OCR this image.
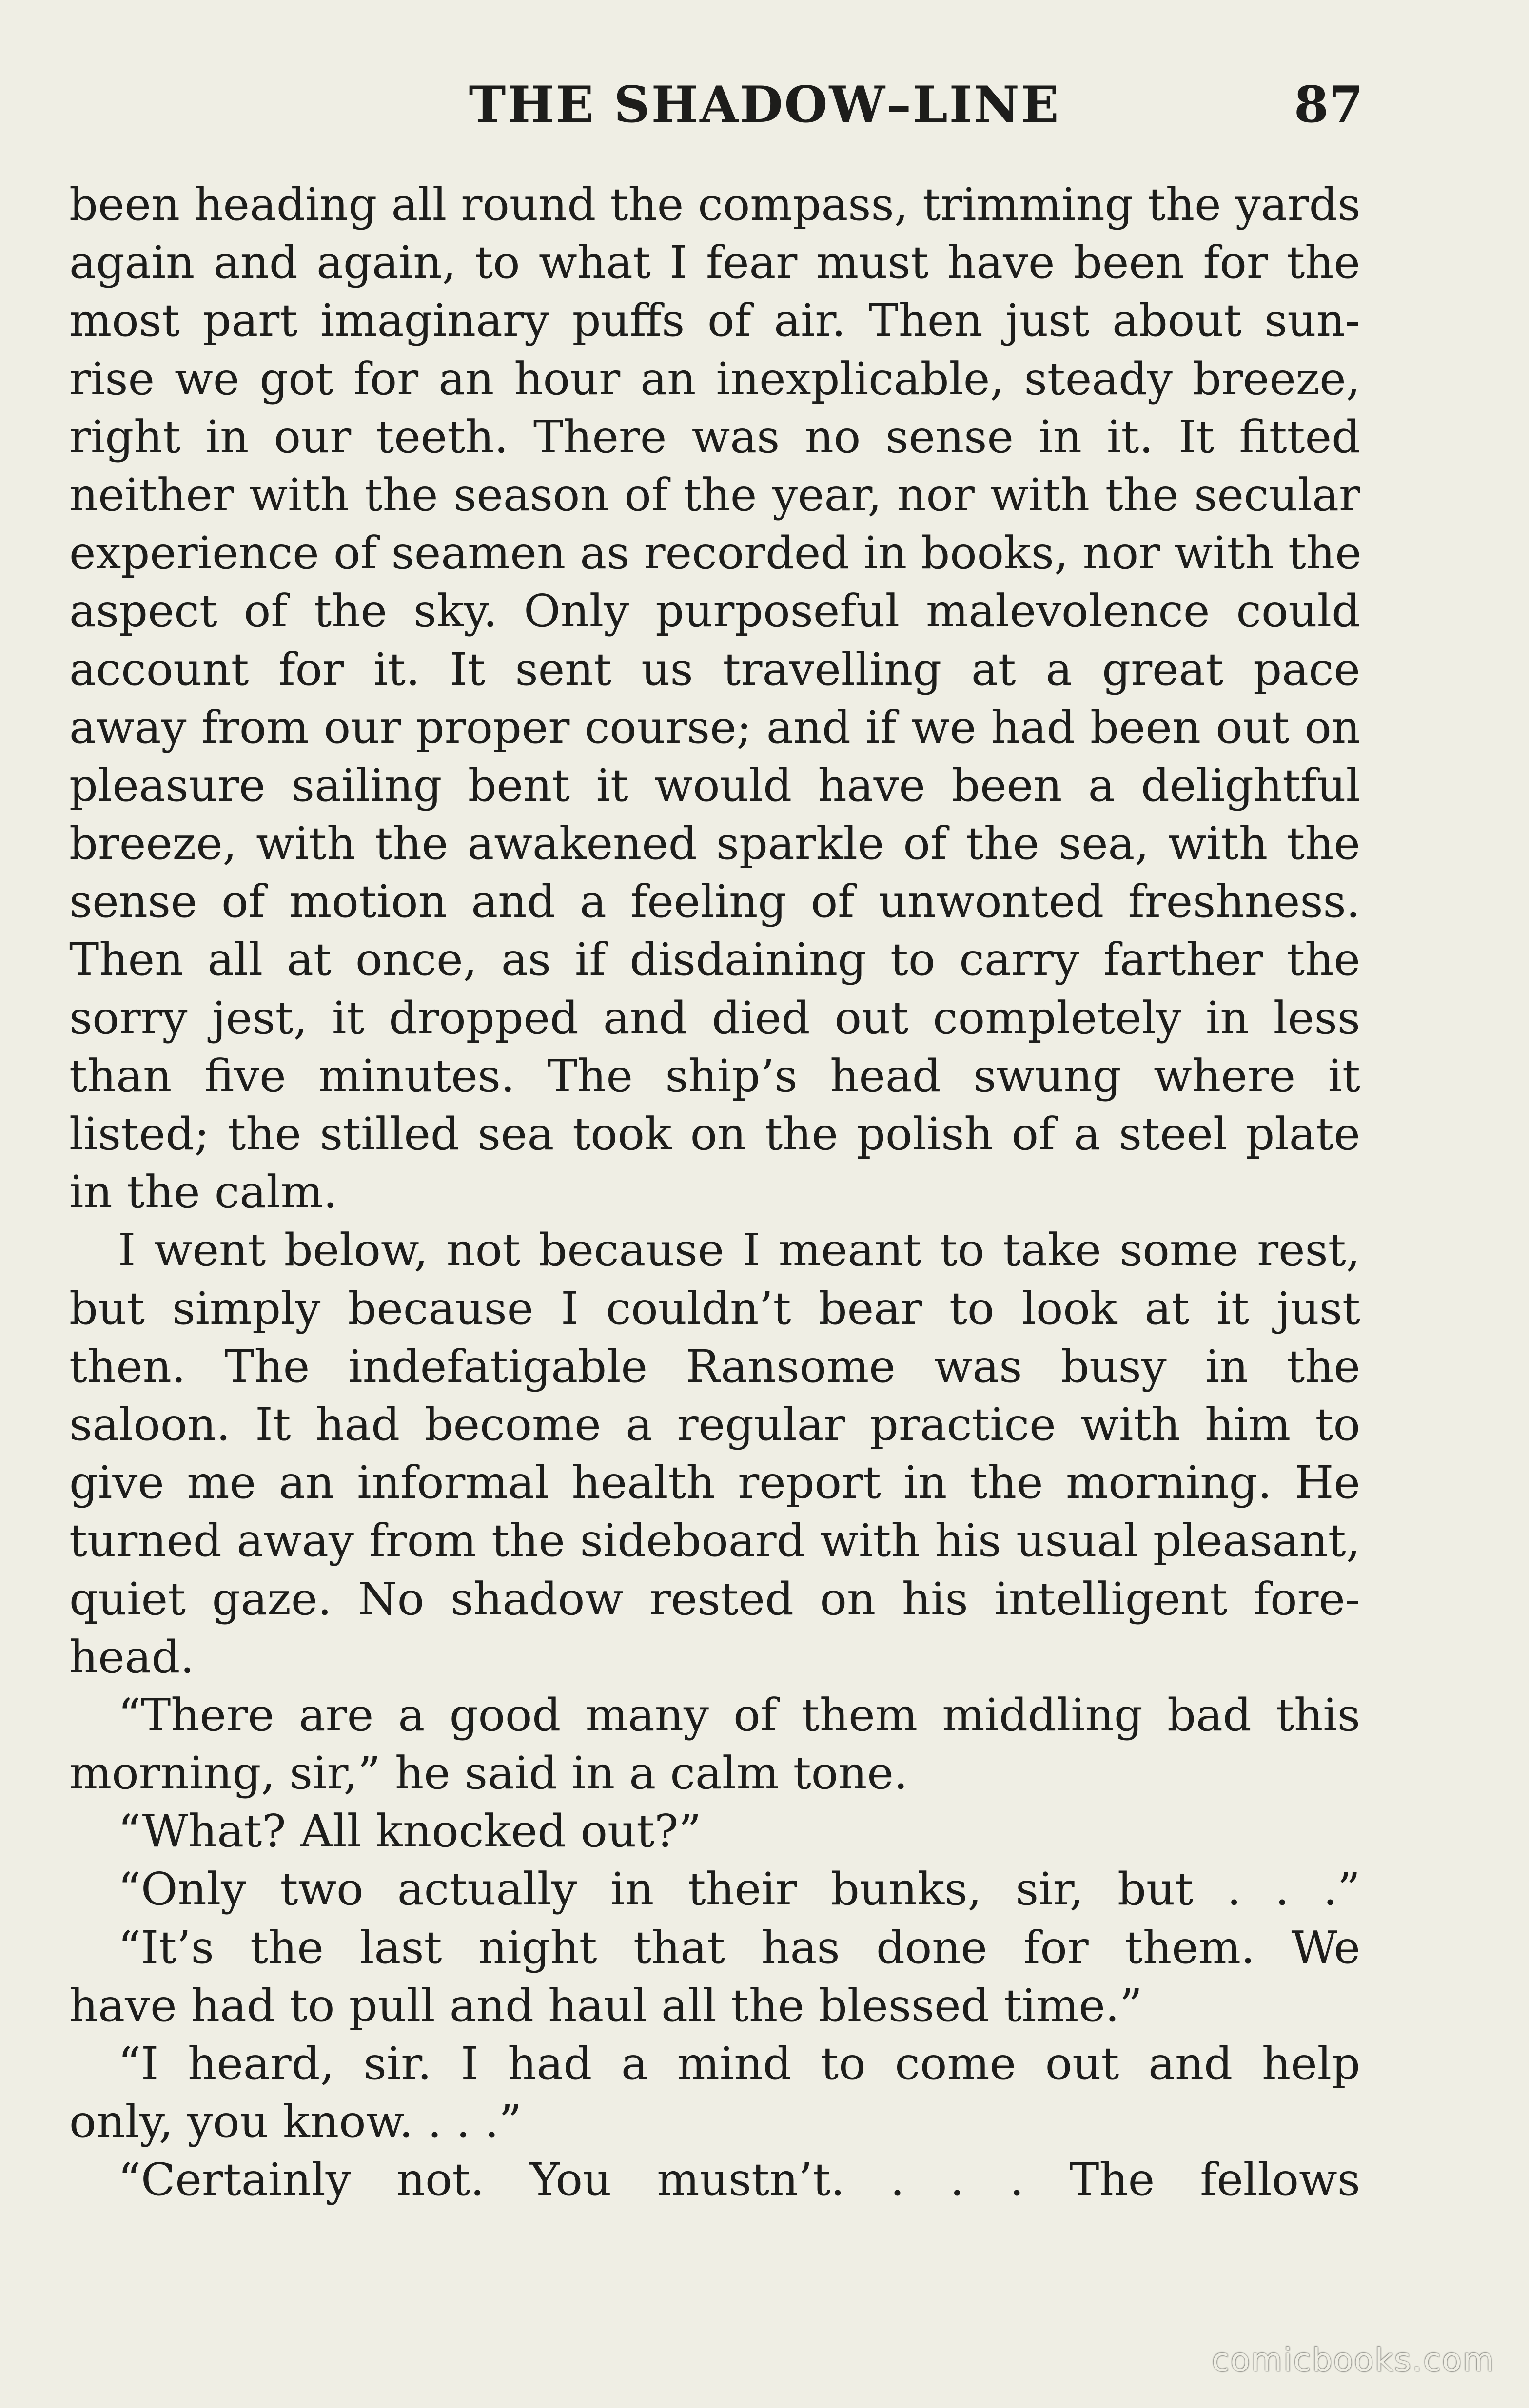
THE SHADOW–LINE	87
been heading all round the compass, trimming the yards
again and again, to what I fear must have been for the
most part imaginary puffs of air. Then just about sun-
rise we got for an hour an inexplicable, steady breeze,
right in our teeth. There was no sense in it. It fitted
neither with the season of the year, nor with the secular
experience of seamen as recorded in books, nor with the
aspect of the sky. Only purposeful malevolence could
account for it. It sent us travelling at a great pace
away from our proper course; and if we had been out on
pleasure sailing bent it would have been a delightful
breeze, with the awakened sparkle of the sea, with the
sense of motion and a feeling of unwonted freshness.
Then all at once, as if disdaining to carry farther the
sorry jest, it dropped and died out completely in less
than five minutes. The ship’s head swung where it
listed; the stilled sea took on the polish of a steel plate
in the calm.
I went below, not because I meant to take some rest,
but simply because I couldn’t bear to look at it just
then. The indefatigable Ransome was busy in the
saloon. It had become a regular practice with him to
give me an informal health report in the morning. He
turned away from the sideboard with his usual pleasant,
quiet gaze. No shadow rested on his intelligent fore-
head.
“There are a good many of them middling bad this
morning, sir,” he said in a calm tone.
“What? All knocked out?”
“Only two actually in their bunks, sir, but . . .”
“It’s the last night that has done for them. We
have had to pull and haul all the blessed time.”
“I heard, sir. I had a mind to come out and help
only, you know. . . .”
“Certainly not. You mustn’t. . . . The fellows
comicbooks.com
